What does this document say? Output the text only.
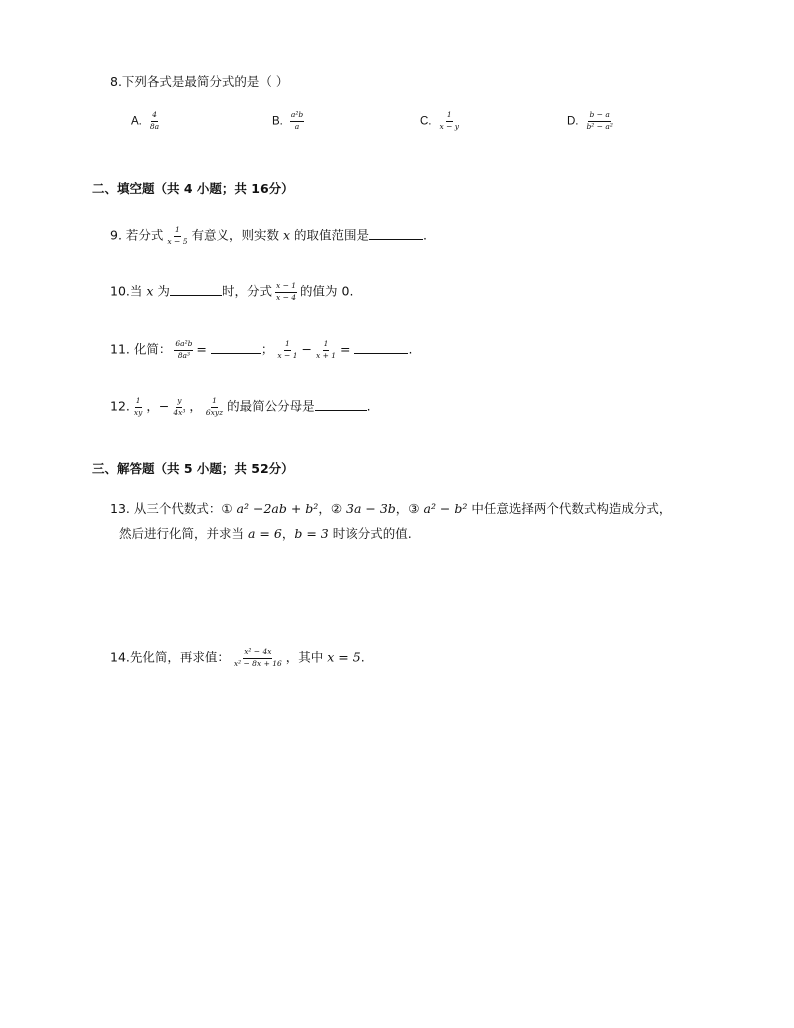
8.下列各式是最简分式的是（ ）
A. $\frac{4}{8a}$	B. $\frac{\text{a²b}}{a}$	C. $\frac{1}{x - y}$	D. $\frac{b - a}{\text{b² − a²}}$
二、填空题（共 4 小题；共 16分）
9. 若分式 $\frac{1}{x - 5}$ 有意义，则实数 x 的取值范围是	.
10.当 x 为	时，分式 $\frac{x - 1}{x - 4}$ 的值为 0.
11. 化简： $\frac{\text{6a²b}}{\text{8a³}}$ =	； $\frac{1}{x - 1} - \frac{1}{x + 1}$ =	.
12. $\frac{1}{xy}$ ，− $\frac{y}{\text{4x³}}$ ， $\frac{1}{\text{6xyz}}$ 的最简公分母是	.
三、解答题（共 5 小题；共 52分）
13. 从三个代数式：① a² −2ab + b²，② 3a − 3b，③ a² − b² 中任意选择两个代数式构造成分式，
然后进行化简，并求当 a = 6，b = 3 时该分式的值.
14.先化简，再求值： $\frac{\text{x² − 4x}}{\text{x² − 8x + 16}}$ ，其中 x = 5.
